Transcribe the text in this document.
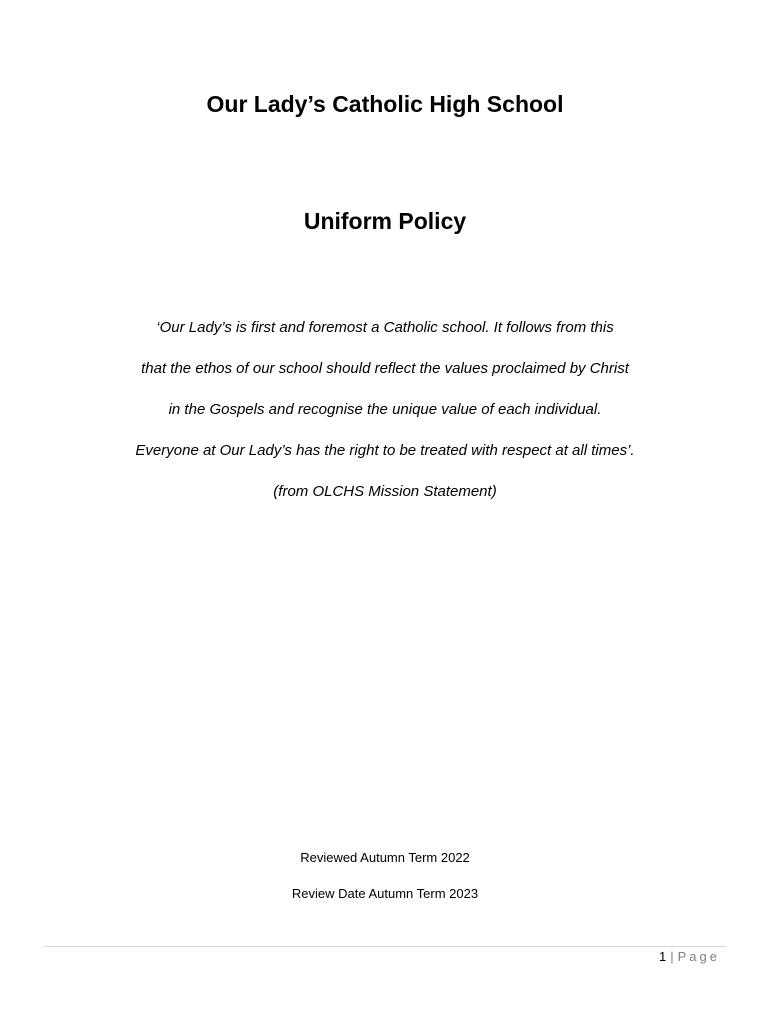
Our Lady’s Catholic High School
Uniform Policy
‘Our Lady’s is first and foremost a Catholic school. It follows from this
that the ethos of our school should reflect the values proclaimed by Christ
in the Gospels and recognise the unique value of each individual.
Everyone at Our Lady’s has the right to be treated with respect at all times’.
(from OLCHS Mission Statement)
Reviewed Autumn Term 2022
Review Date Autumn Term 2023
1 | Page
